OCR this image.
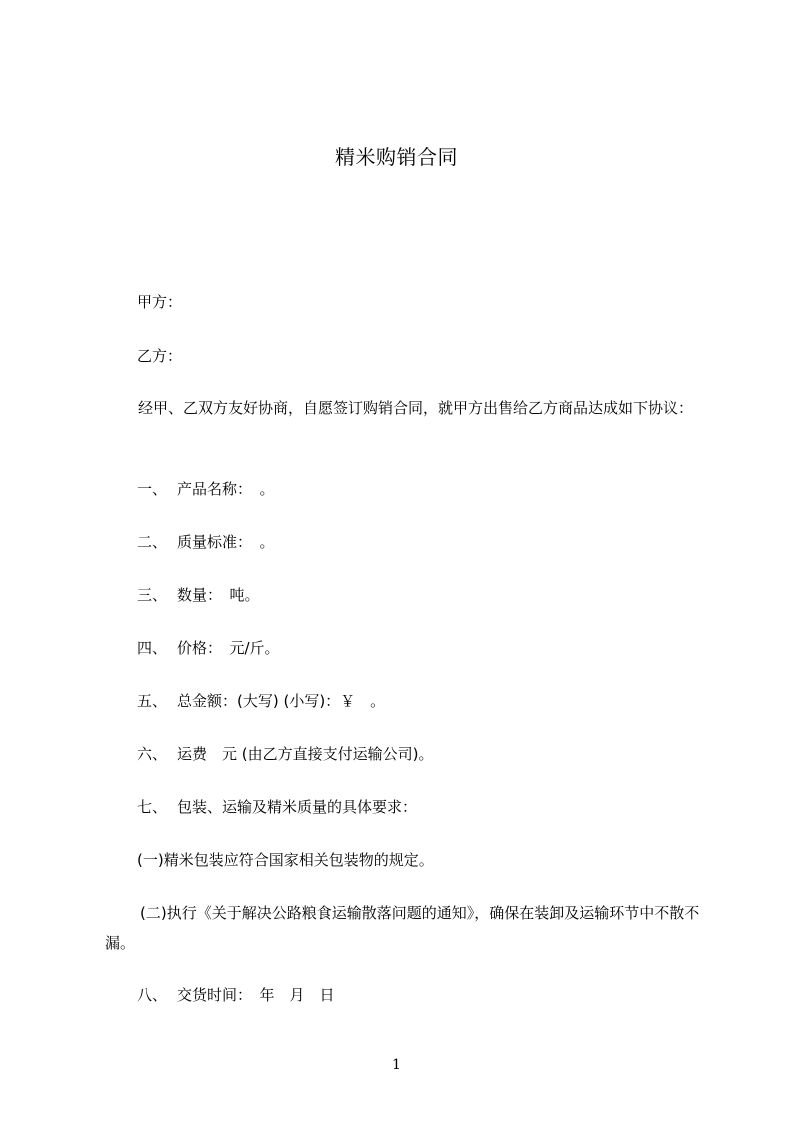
精米购销合同
甲方：
乙方：
经甲、乙双方友好协商，自愿签订购销合同，就甲方出售给乙方商品达成如下协议：
一、 产品名称：　。
二、 质量标准：　。
三、 数量：　吨。
四、 价格：　元/斤。
五、 总金额：(大写) (小写)：￥　。
六、 运费　元 (由乙方直接支付运输公司)。
七、 包装、运输及精米质量的具体要求：
(一)精米包装应符合国家相关包装物的规定。
(二)执行《关于解决公路粮食运输散落问题的通知》，确保在装卸及运输环节中不散不漏。
八、 交货时间：　年　月　日
1
